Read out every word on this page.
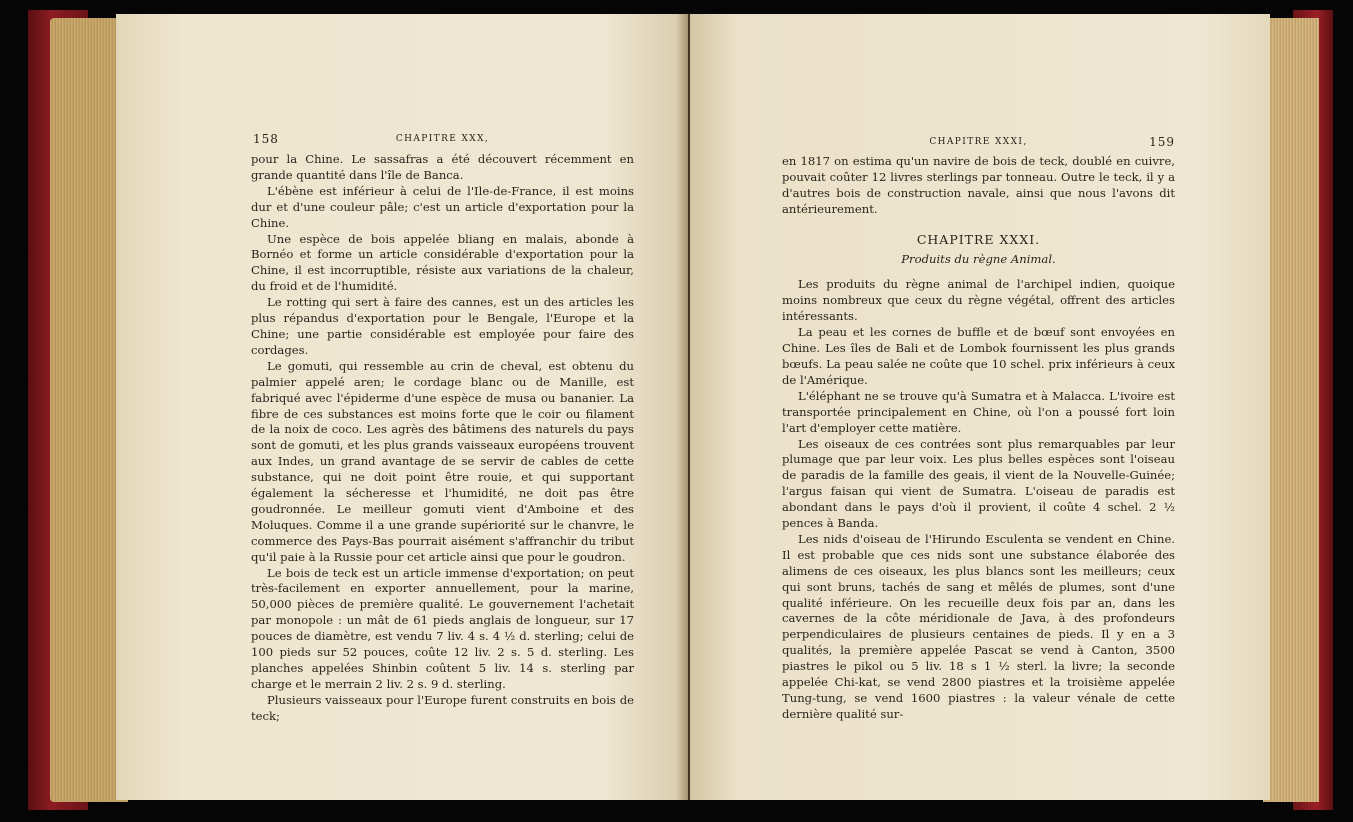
158	CHAPITRE XXX,

pour la Chine. Le sassafras a été découvert récemment en grande quantité dans l'île de Banca.

L'ébène est inférieur à celui de l'Ile-de-France, il est moins dur et d'une couleur pâle; c'est un article d'exportation pour la Chine.

Une espèce de bois appelée bliang en malais, abonde à Bornéo et forme un article considérable d'exportation pour la Chine, il est incorruptible, résiste aux variations de la chaleur, du froid et de l'humidité.

Le rotting qui sert à faire des cannes, est un des articles les plus répandus d'exportation pour le Bengale, l'Europe et la Chine; une partie considérable est employée pour faire des cordages.

Le gomuti, qui ressemble au crin de cheval, est obtenu du palmier appelé aren; le cordage blanc ou de Manille, est fabriqué avec l'épiderme d'une espèce de musa ou bananier. La fibre de ces substances est moins forte que le coir ou filament de la noix de coco. Les agrès des bâtimens des naturels du pays sont de gomuti, et les plus grands vaisseaux européens trouvent aux Indes, un grand avantage de se servir de cables de cette substance, qui ne doit point être rouie, et qui supportant également la sécheresse et l'humidité, ne doit pas être goudronnée. Le meilleur gomuti vient d'Amboine et des Moluques. Comme il a une grande supériorité sur le chanvre, le commerce des Pays-Bas pourrait aisément s'affranchir du tribut qu'il paie à la Russie pour cet article ainsi que pour le goudron.

Le bois de teck est un article immense d'exportation; on peut très-facilement en exporter annuellement, pour la marine, 50,000 pièces de première qualité. Le gouvernement l'achetait par monopole : un mât de 61 pieds anglais de longueur, sur 17 pouces de diamètre, est vendu 7 liv. 4 s. 4 ½ d. sterling; celui de 100 pieds sur 52 pouces, coûte 12 liv. 2 s. 5 d. sterling. Les planches appelées Shinbin coûtent 5 liv. 14 s. sterling par charge et le merrain 2 liv. 2 s. 9 d. sterling.

Plusieurs vaisseaux pour l'Europe furent construits en bois de teck;

CHAPITRE XXXI,	159

en 1817 on estima qu'un navire de bois de teck, doublé en cuivre, pouvait coûter 12 livres sterlings par tonneau. Outre le teck, il y a d'autres bois de construction navale, ainsi que nous l'avons dit antérieurement.

CHAPITRE XXXI.
Produits du règne Animal.

Les produits du règne animal de l'archipel indien, quoique moins nombreux que ceux du règne végétal, offrent des articles intéressants.

La peau et les cornes de buffle et de bœuf sont envoyées en Chine. Les îles de Bali et de Lombok fournissent les plus grands bœufs. La peau salée ne coûte que 10 schel. prix inférieurs à ceux de l'Amérique.

L'éléphant ne se trouve qu'à Sumatra et à Malacca. L'ivoire est transportée principalement en Chine, où l'on a poussé fort loin l'art d'employer cette matière.

Les oiseaux de ces contrées sont plus remarquables par leur plumage que par leur voix. Les plus belles espèces sont l'oiseau de paradis de la famille des geais, il vient de la Nouvelle-Guinée; l'argus faisan qui vient de Sumatra. L'oiseau de paradis est abondant dans le pays d'où il provient, il coûte 4 schel. 2 ½ pences à Banda.

Les nids d'oiseau de l'Hirundo Esculenta se vendent en Chine. Il est probable que ces nids sont une substance élaborée des alimens de ces oiseaux, les plus blancs sont les meilleurs; ceux qui sont bruns, tachés de sang et mêlés de plumes, sont d'une qualité inférieure. On les recueille deux fois par an, dans les cavernes de la côte méridionale de Java, à des profondeurs perpendiculaires de plusieurs centaines de pieds. Il y en a 3 qualités, la première appelée Pascat se vend à Canton, 3500 piastres le pikol ou 5 liv. 18 s 1 ½ sterl. la livre; la seconde appelée Chi-kat, se vend 2800 piastres et la troisième appelée Tung-tung, se vend 1600 piastres : la valeur vénale de cette dernière qualité sur-
